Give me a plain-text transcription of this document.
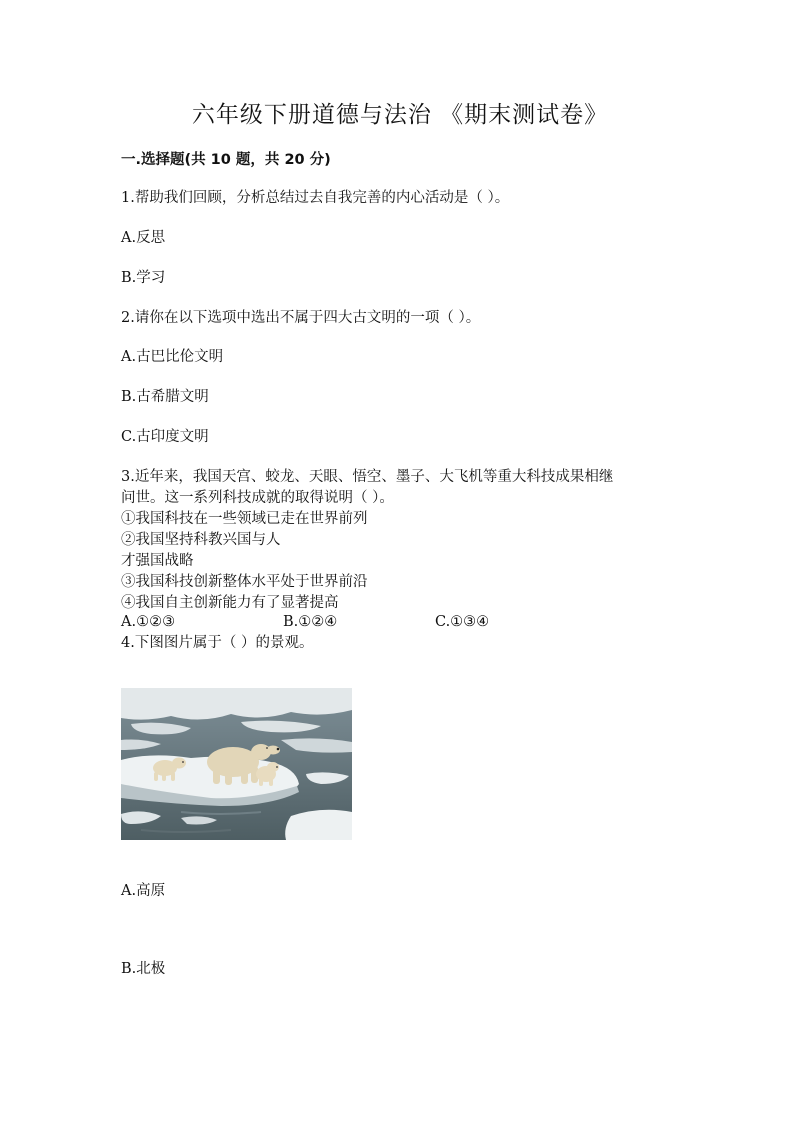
六年级下册道德与法治 《期末测试卷》
一.选择题(共 10 题，共 20 分)
1.帮助我们回顾，分析总结过去自我完善的内心活动是（ ）。
A.反思
B.学习
2.请你在以下选项中选出不属于四大古文明的一项（ ）。
A.古巴比伦文明
B.古希腊文明
C.古印度文明
3.近年来，我国天宫、蛟龙、天眼、悟空、墨子、大飞机等重大科技成果相继
问世。这一系列科技成就的取得说明（ ）。
①我国科技在一些领域已走在世界前列
②我国坚持科教兴国与人
才强国战略
③我国科技创新整体水平处于世界前沿
④我国自主创新能力有了显著提高
A.①②③	B.①②④	C.①③④
4.下图图片属于（ ）的景观。
A.高原
B.北极
